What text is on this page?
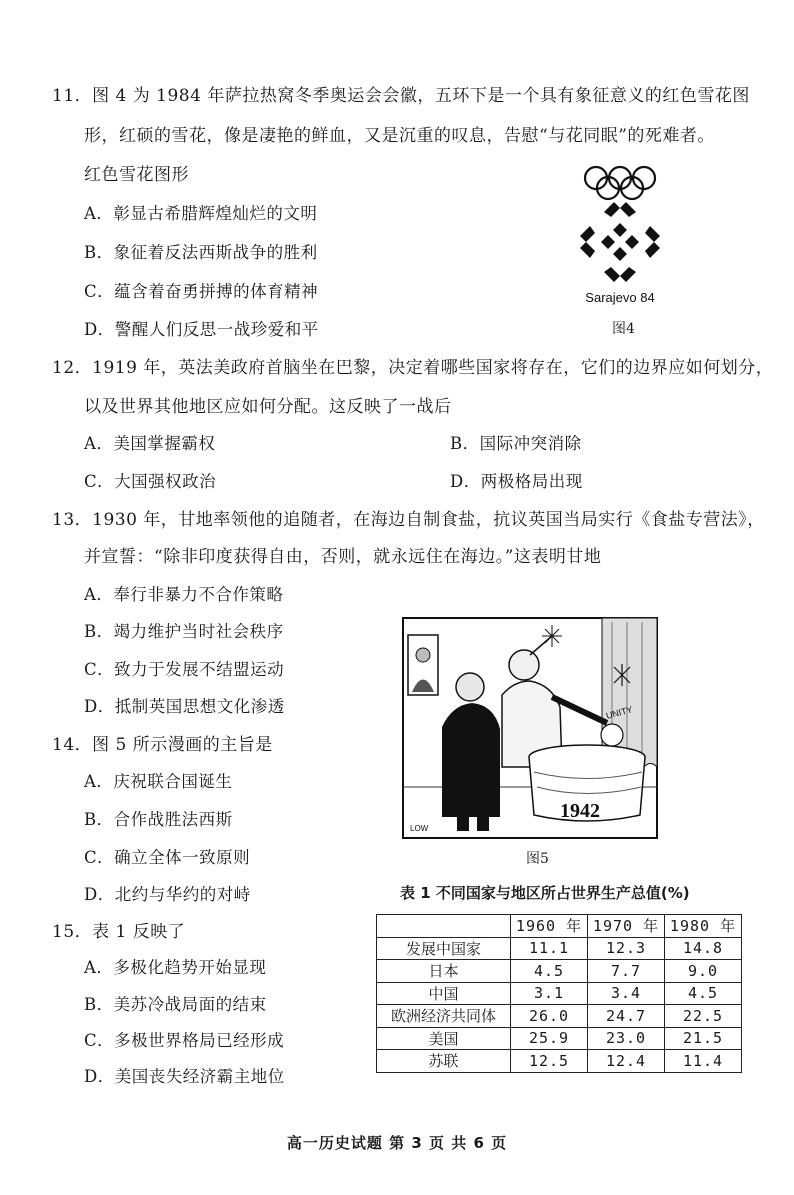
11．图 4 为 1984 年萨拉热窝冬季奥运会会徽，五环下是一个具有象征意义的红色雪花图
形，红硕的雪花，像是凄艳的鲜血，又是沉重的叹息，告慰“与花同眠”的死难者。
红色雪花图形
A．彰显古希腊辉煌灿烂的文明
B．象征着反法西斯战争的胜利
C．蕴含着奋勇拼搏的体育精神
D．警醒人们反思一战珍爱和平
Sarajevo 84
图4
12．1919 年，英法美政府首脑坐在巴黎，决定着哪些国家将存在，它们的边界应如何划分，
以及世界其他地区应如何分配。这反映了一战后
A．美国掌握霸权	B．国际冲突消除
C．大国强权政治	D．两极格局出现
13．1930 年，甘地率领他的追随者，在海边自制食盐，抗议英国当局实行《食盐专营法》，
并宣誓：“除非印度获得自由，否则，就永远住在海边。”这表明甘地
A．奉行非暴力不合作策略
B．竭力维护当时社会秩序
C．致力于发展不结盟运动
D．抵制英国思想文化渗透	UNITY
1942
LOW
14．图 5 所示漫画的主旨是
A．庆祝联合国诞生
B．合作战胜法西斯
C．确立全体一致原则
D．北约与华约的对峙
图5
表 1 不同国家与地区所占世界生产总值(%)
	1960 年	1970 年	1980 年
发展中国家	11.1	12.3	14.8
日本	4.5	7.7	9.0
中国	3.1	3.4	4.5
欧洲经济共同体	26.0	24.7	22.5
美国	25.9	23.0	21.5
苏联	12.5	12.4	11.4
15．表 1 反映了
A．多极化趋势开始显现
B．美苏冷战局面的结束
C．多极世界格局已经形成
D．美国丧失经济霸主地位
高一历史试题 第 3 页 共 6 页
